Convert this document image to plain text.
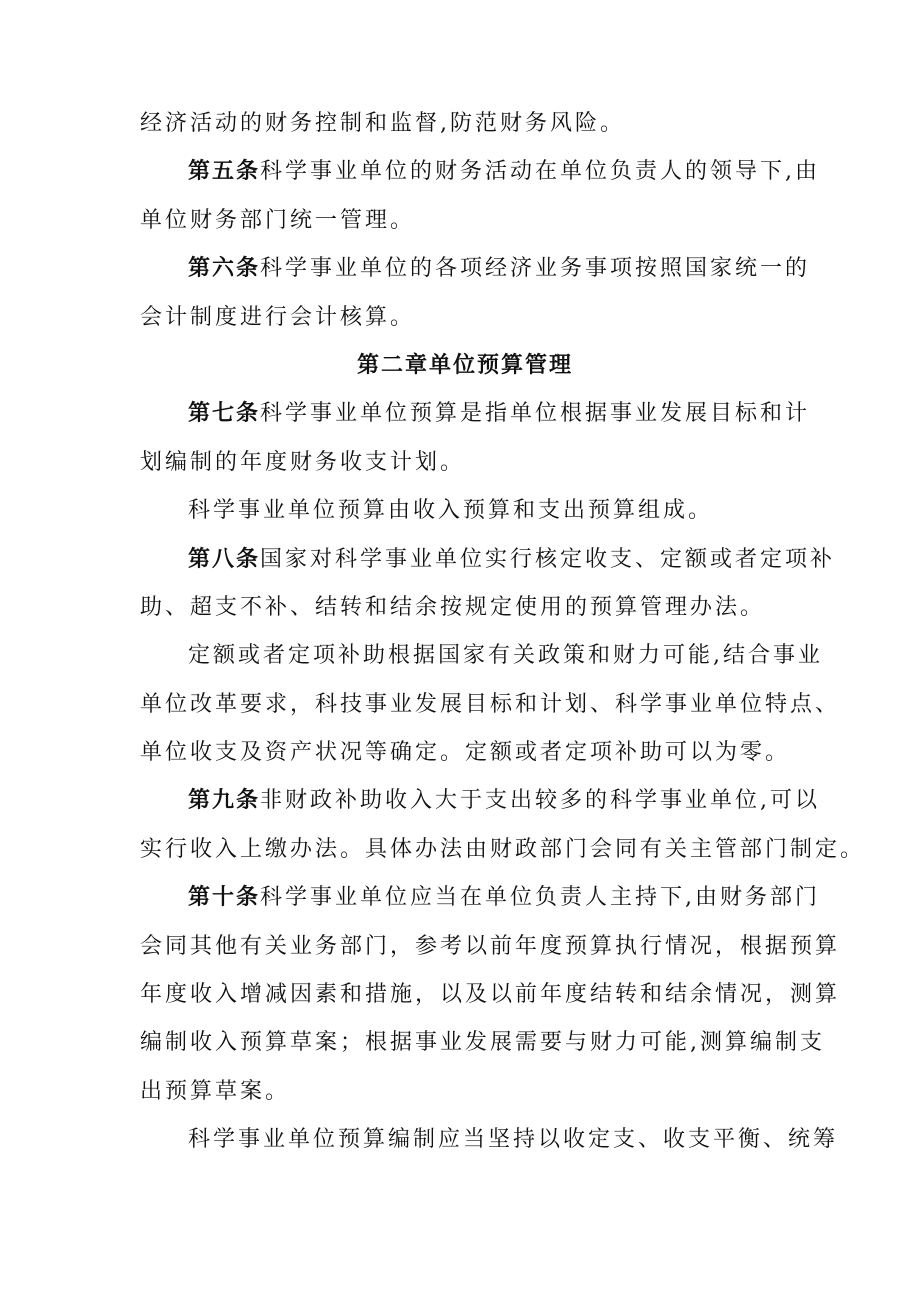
经济活动的财务控制和监督,防范财务风险。
第五条科学事业单位的财务活动在单位负责人的领导下,由
单位财务部门统一管理。
第六条科学事业单位的各项经济业务事项按照国家统一的
会计制度进行会计核算。
第二章单位预算管理
第七条科学事业单位预算是指单位根据事业发展目标和计
划编制的年度财务收支计划。
科学事业单位预算由收入预算和支出预算组成。
第八条国家对科学事业单位实行核定收支、定额或者定项补
助、超支不补、结转和结余按规定使用的预算管理办法。
定额或者定项补助根据国家有关政策和财力可能,结合事业
单位改革要求，科技事业发展目标和计划、科学事业单位特点、
单位收支及资产状况等确定。定额或者定项补助可以为零。
第九条非财政补助收入大于支出较多的科学事业单位,可以
实行收入上缴办法。具体办法由财政部门会同有关主管部门制定。
第十条科学事业单位应当在单位负责人主持下,由财务部门
会同其他有关业务部门，参考以前年度预算执行情况，根据预算
年度收入增减因素和措施，以及以前年度结转和结余情况，测算
编制收入预算草案；根据事业发展需要与财力可能,测算编制支
出预算草案。
科学事业单位预算编制应当坚持以收定支、收支平衡、统筹
